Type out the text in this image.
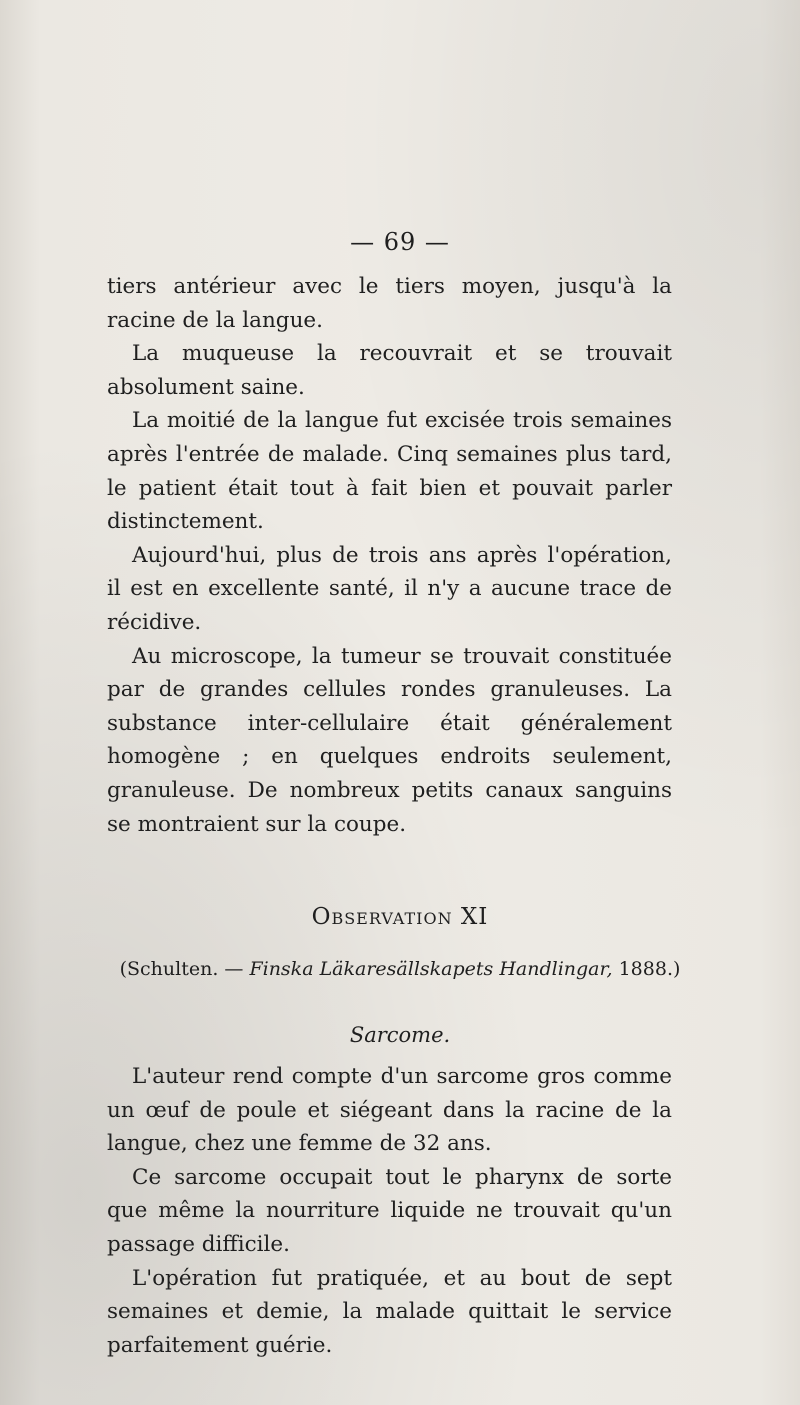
— 69 —

tiers antérieur avec le tiers moyen, jusqu'à la racine de la langue.

La muqueuse la recouvrait et se trouvait absolument saine.

La moitié de la langue fut excisée trois semaines après l'entrée de malade. Cinq semaines plus tard, le patient était tout à fait bien et pouvait parler distinctement.

Aujourd'hui, plus de trois ans après l'opération, il est en excellente santé, il n'y a aucune trace de récidive.

Au microscope, la tumeur se trouvait constituée par de grandes cellules rondes granuleuses. La substance inter-cellulaire était généralement homogène ; en quelques endroits seulement, granuleuse. De nombreux petits canaux sanguins se montraient sur la coupe.

Observation XI
(Schulten. — Finska Läkaresällskapets Handlingar, 1888.)
Sarcome.

L'auteur rend compte d'un sarcome gros comme un œuf de poule et siégeant dans la racine de la langue, chez une femme de 32 ans.

Ce sarcome occupait tout le pharynx de sorte que même la nourriture liquide ne trouvait qu'un passage difficile.

L'opération fut pratiquée, et au bout de sept semaines et demie, la malade quittait le service parfaitement guérie.
